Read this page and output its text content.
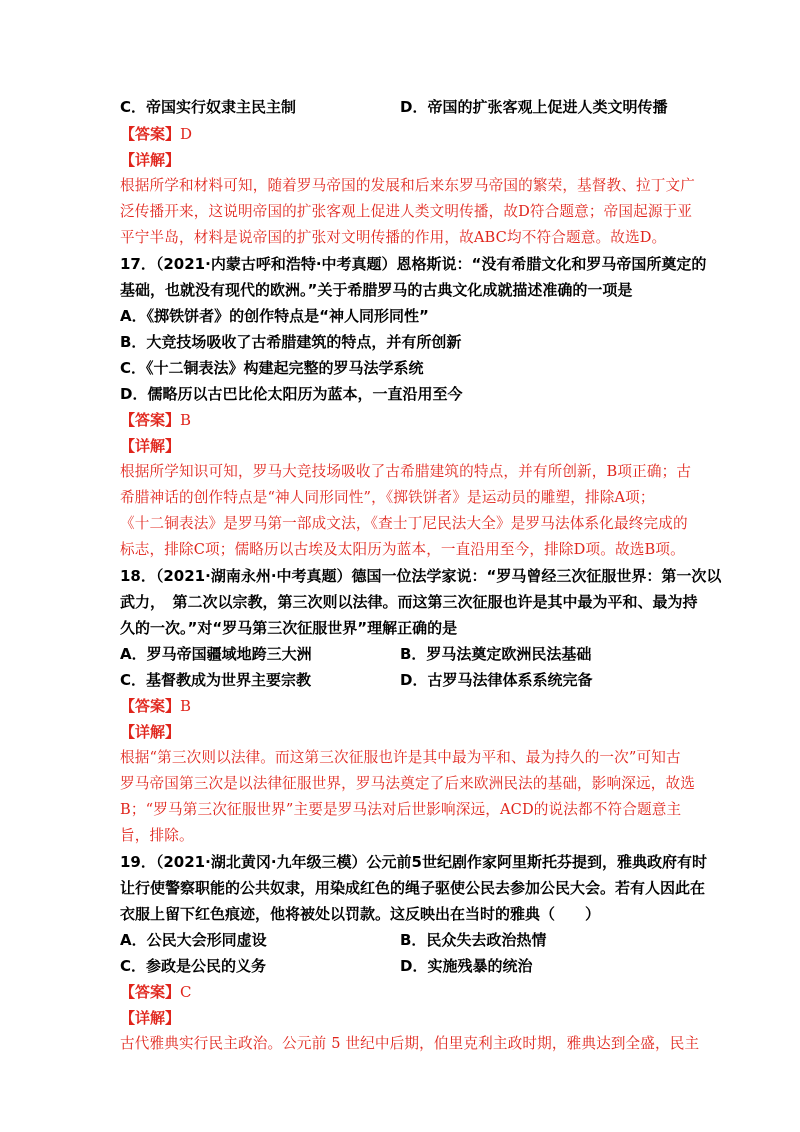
C．帝国实行奴隶主民主制	D．帝国的扩张客观上促进人类文明传播
【答案】D
【详解】
根据所学和材料可知，随着罗马帝国的发展和后来东罗马帝国的繁荣，基督教、拉丁文广
泛传播开来，这说明帝国的扩张客观上促进人类文明传播，故D符合题意；帝国起源于亚
平宁半岛，材料是说帝国的扩张对文明传播的作用，故ABC均不符合题意。故选D。
17．（2021·内蒙古呼和浩特·中考真题）恩格斯说：“没有希腊文化和罗马帝国所奠定的
基础，也就没有现代的欧洲。”关于希腊罗马的古典文化成就描述准确的一项是
A．《掷铁饼者》的创作特点是“神人同形同性”
B．大竞技场吸收了古希腊建筑的特点，并有所创新
C．《十二铜表法》构建起完整的罗马法学系统
D．儒略历以古巴比伦太阳历为蓝本，一直沿用至今
【答案】B
【详解】
根据所学知识可知，罗马大竞技场吸收了古希腊建筑的特点，并有所创新，B项正确；古
希腊神话的创作特点是“神人同形同性”，《掷铁饼者》是运动员的雕塑，排除A项；
《十二铜表法》是罗马第一部成文法，《查士丁尼民法大全》是罗马法体系化最终完成的
标志，排除C项；儒略历以古埃及太阳历为蓝本，一直沿用至今，排除D项。故选B项。
18．（2021·湖南永州·中考真题）德国一位法学家说：“罗马曾经三次征服世界：第一次以
武力，　第二次以宗教，第三次则以法律。而这第三次征服也许是其中最为平和、最为持
久的一次。”对“罗马第三次征服世界”理解正确的是
A．罗马帝国疆域地跨三大洲	B．罗马法奠定欧洲民法基础
C．基督教成为世界主要宗教	D．古罗马法律体系系统完备
【答案】B
【详解】
根据“第三次则以法律。而这第三次征服也许是其中最为平和、最为持久的一次”可知古
罗马帝国第三次是以法律征服世界，罗马法奠定了后来欧洲民法的基础，影响深远，故选
B；“罗马第三次征服世界”主要是罗马法对后世影响深远，ACD的说法都不符合题意主
旨，排除。
19．（2021·湖北黄冈·九年级三模）公元前5世纪剧作家阿里斯托芬提到，雅典政府有时
让行使警察职能的公共奴隶，用染成红色的绳子驱使公民去参加公民大会。若有人因此在
衣服上留下红色痕迹，他将被处以罚款。这反映出在当时的雅典（　　）
A．公民大会形同虚设	B．民众失去政治热情
C．参政是公民的义务	D．实施残暴的统治
【答案】C
【详解】
古代雅典实行民主政治。公元前 5 世纪中后期，伯里克利主政时期，雅典达到全盛，民主
